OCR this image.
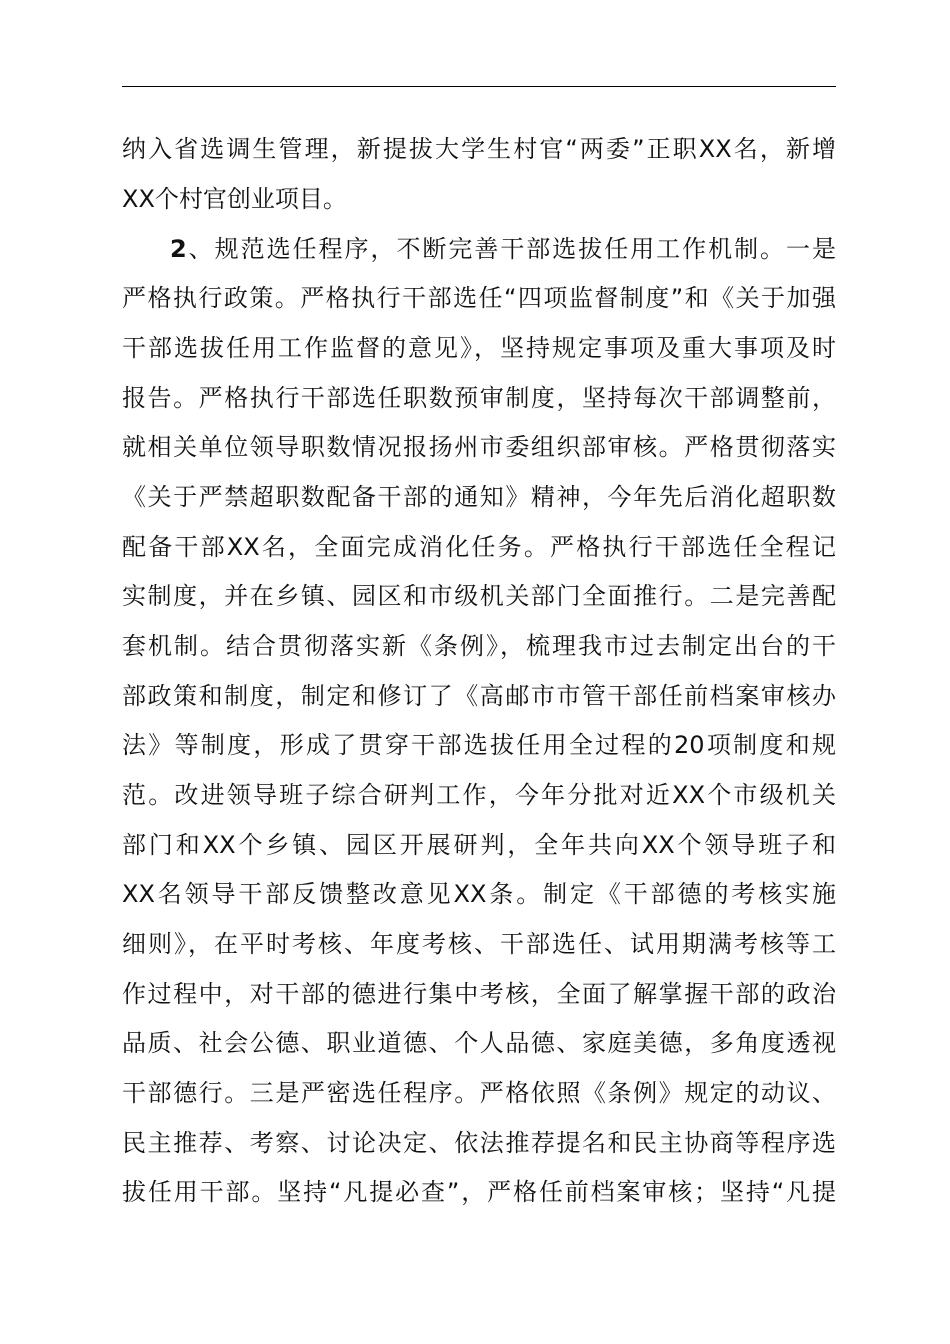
纳入省选调生管理，新提拔大学生村官“两委”正职XX名，新增
XX个村官创业项目。
2、规范选任程序，不断完善干部选拔任用工作机制。一是
严格执行政策。严格执行干部选任“四项监督制度”和《关于加强
干部选拔任用工作监督的意见》，坚持规定事项及重大事项及时
报告。严格执行干部选任职数预审制度，坚持每次干部调整前，
就相关单位领导职数情况报扬州市委组织部审核。严格贯彻落实
《关于严禁超职数配备干部的通知》精神，今年先后消化超职数
配备干部XX名，全面完成消化任务。严格执行干部选任全程记
实制度，并在乡镇、园区和市级机关部门全面推行。二是完善配
套机制。结合贯彻落实新《条例》，梳理我市过去制定出台的干
部政策和制度，制定和修订了《高邮市市管干部任前档案审核办
法》等制度，形成了贯穿干部选拔任用全过程的20项制度和规
范。改进领导班子综合研判工作，今年分批对近XX个市级机关
部门和XX个乡镇、园区开展研判，全年共向XX个领导班子和
XX名领导干部反馈整改意见XX条。制定《干部德的考核实施
细则》，在平时考核、年度考核、干部选任、试用期满考核等工
作过程中，对干部的德进行集中考核，全面了解掌握干部的政治
品质、社会公德、职业道德、个人品德、家庭美德，多角度透视
干部德行。三是严密选任程序。严格依照《条例》规定的动议、
民主推荐、考察、讨论决定、依法推荐提名和民主协商等程序选
拔任用干部。坚持“凡提必查”，严格任前档案审核；坚持“凡提
